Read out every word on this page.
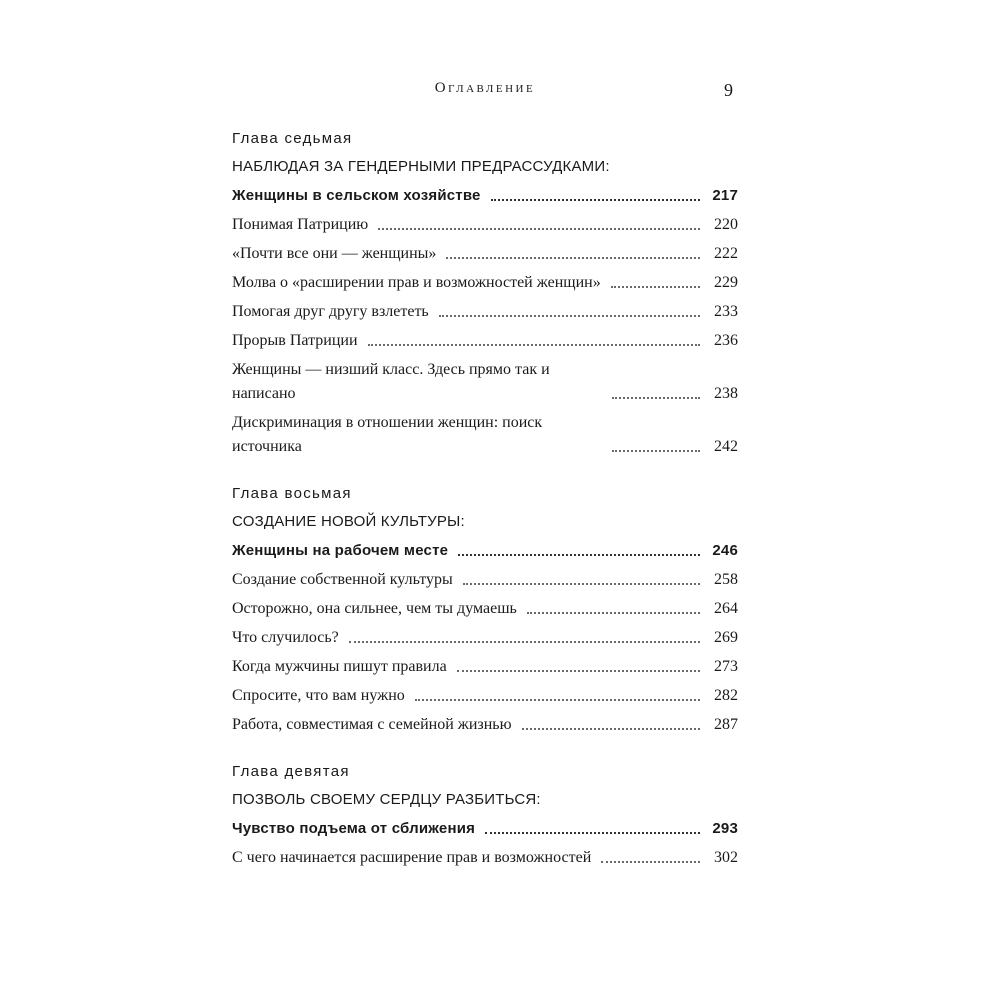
Оглавление	9
Глава седьмая
НАБЛЮДАЯ ЗА ГЕНДЕРНЫМИ ПРЕДРАССУДКАМИ:
Женщины в сельском хозяйстве	217
Понимая Патрицию	220
«Почти все они — женщины»	222
Молва о «расширении прав и возможностей женщин»	229
Помогая друг другу взлететь	233
Прорыв Патриции	236
Женщины — низший класс. Здесь прямо так и написано	238
Дискриминация в отношении женщин: поиск источника	242
Глава восьмая
СОЗДАНИЕ НОВОЙ КУЛЬТУРЫ:
Женщины на рабочем месте	246
Создание собственной культуры	258
Осторожно, она сильнее, чем ты думаешь	264
Что случилось?	269
Когда мужчины пишут правила	273
Спросите, что вам нужно	282
Работа, совместимая с семейной жизнью	287
Глава девятая
ПОЗВОЛЬ СВОЕМУ СЕРДЦУ РАЗБИТЬСЯ:
Чувство подъема от сближения	293
С чего начинается расширение прав и возможностей	302
